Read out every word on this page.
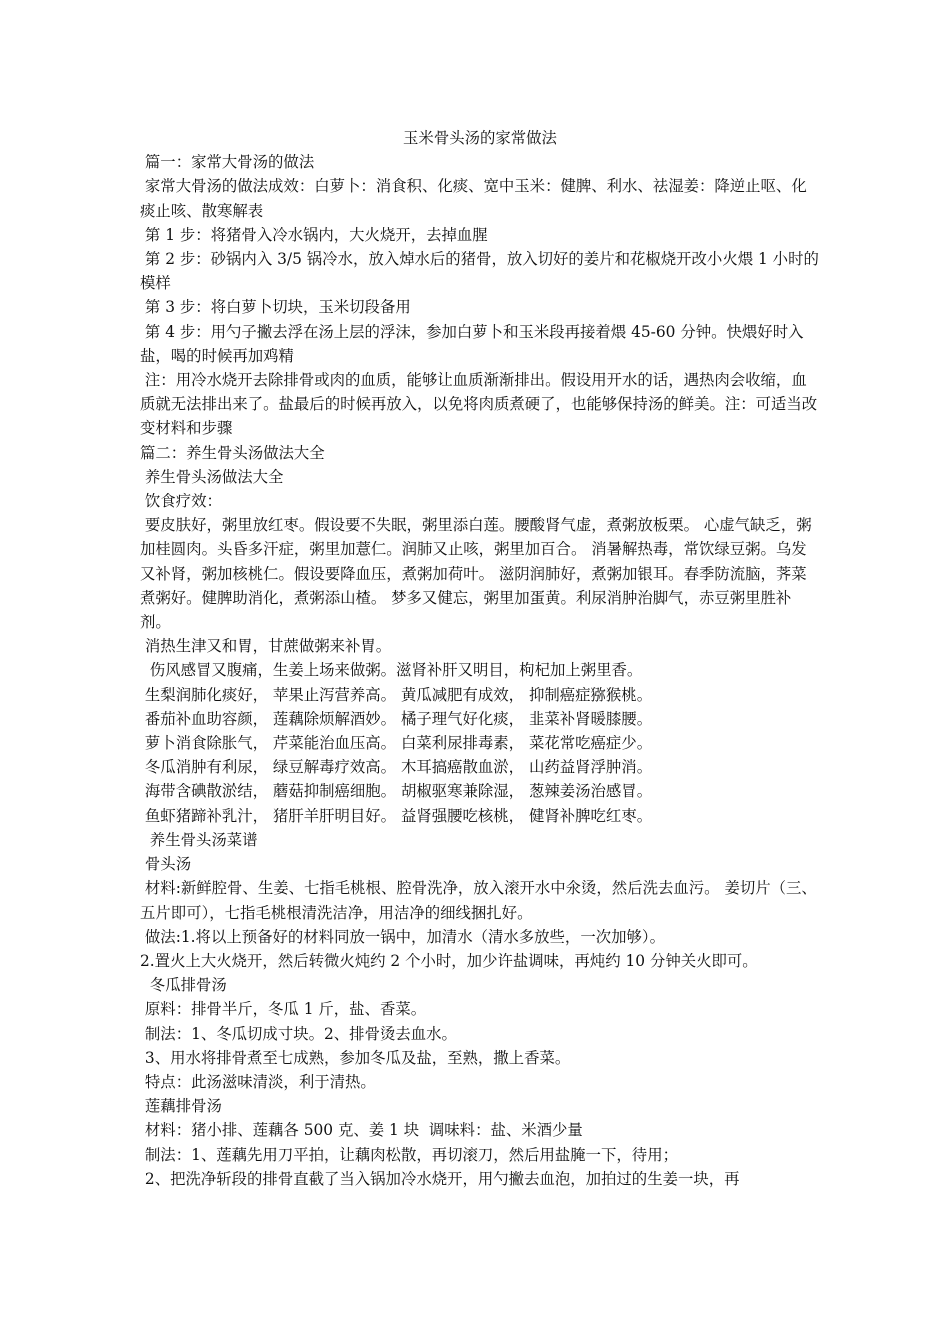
玉米骨头汤的家常做法

篇一：家常大骨汤的做法

家常大骨汤的做法成效：白萝卜：消食积、化痰、宽中玉米：健脾、利水、祛湿姜：降逆止呕、化痰止咳、散寒解表

第 1 步：将猪骨入冷水锅内，大火烧开，去掉血腥

第 2 步：砂锅内入 3/5 锅冷水，放入焯水后的猪骨，放入切好的姜片和花椒烧开改小火煨 1 小时的模样

第 3 步：将白萝卜切块，玉米切段备用

第 4 步：用勺子撇去浮在汤上层的浮沫，参加白萝卜和玉米段再接着煨 45-60 分钟。快煨好时入盐，喝的时候再加鸡精

注：用冷水烧开去除排骨或肉的血质，能够让血质渐渐排出。假设用开水的话，遇热肉会收缩，血质就无法排出来了。盐最后的时候再放入，以免将肉质煮硬了，也能够保持汤的鲜美。注：可适当改变材料和步骤

篇二：养生骨头汤做法大全

养生骨头汤做法大全

饮食疗效：

要皮肤好，粥里放红枣。假设要不失眠，粥里添白莲。腰酸肾气虚，煮粥放板栗。 心虚气缺乏，粥加桂圆肉。头昏多汗症，粥里加薏仁。润肺又止咳，粥里加百合。 消暑解热毒，常饮绿豆粥。乌发又补肾，粥加核桃仁。假设要降血压，煮粥加荷叶。 滋阴润肺好，煮粥加银耳。春季防流脑，荠菜煮粥好。健脾助消化，煮粥添山楂。 梦多又健忘，粥里加蛋黄。利尿消肿治脚气，赤豆粥里胜补剂。

消热生津又和胃，甘蔗做粥来补胃。

伤风感冒又腹痛，生姜上场来做粥。滋肾补肝又明目，枸杞加上粥里香。

生梨润肺化痰好， 苹果止泻营养高。 黄瓜减肥有成效， 抑制癌症猕猴桃。

番茄补血助容颜， 莲藕除烦解酒妙。 橘子理气好化痰， 韭菜补肾暖膝腰。

萝卜消食除胀气， 芹菜能治血压高。 白菜利尿排毒素， 菜花常吃癌症少。

冬瓜消肿有利尿， 绿豆解毒疗效高。 木耳搞癌散血淤， 山药益肾浮肿消。

海带含碘散淤结， 蘑菇抑制癌细胞。 胡椒驱寒兼除湿， 葱辣姜汤治感冒。

鱼虾猪蹄补乳汁， 猪肝羊肝明目好。 益肾强腰吃核桃， 健肾补脾吃红枣。

养生骨头汤菜谱

骨头汤

材料:新鲜腔骨、生姜、七指毛桃根、腔骨洗净，放入滚开水中氽烫，然后洗去血污。 姜切片（三、五片即可），七指毛桃根清洗洁净，用洁净的细线捆扎好。

做法:1.将以上预备好的材料同放一锅中，加清水（清水多放些，一次加够）。

2.置火上大火烧开，然后转微火炖约 2 个小时，加少许盐调味，再炖约 10 分钟关火即可。

冬瓜排骨汤

原料：排骨半斤，冬瓜 1 斤，盐、香菜。

制法：1、冬瓜切成寸块。2、排骨烫去血水。

3、用水将排骨煮至七成熟，参加冬瓜及盐，至熟，撒上香菜。

特点：此汤滋味清淡，利于清热。

莲藕排骨汤

材料：猪小排、莲藕各 500 克、姜 1 块  调味料：盐、米酒少量

制法：1、莲藕先用刀平拍，让藕肉松散，再切滚刀，然后用盐腌一下，待用；

2、把洗净斩段的排骨直截了当入锅加冷水烧开，用勺撇去血泡，加拍过的生姜一块，再
